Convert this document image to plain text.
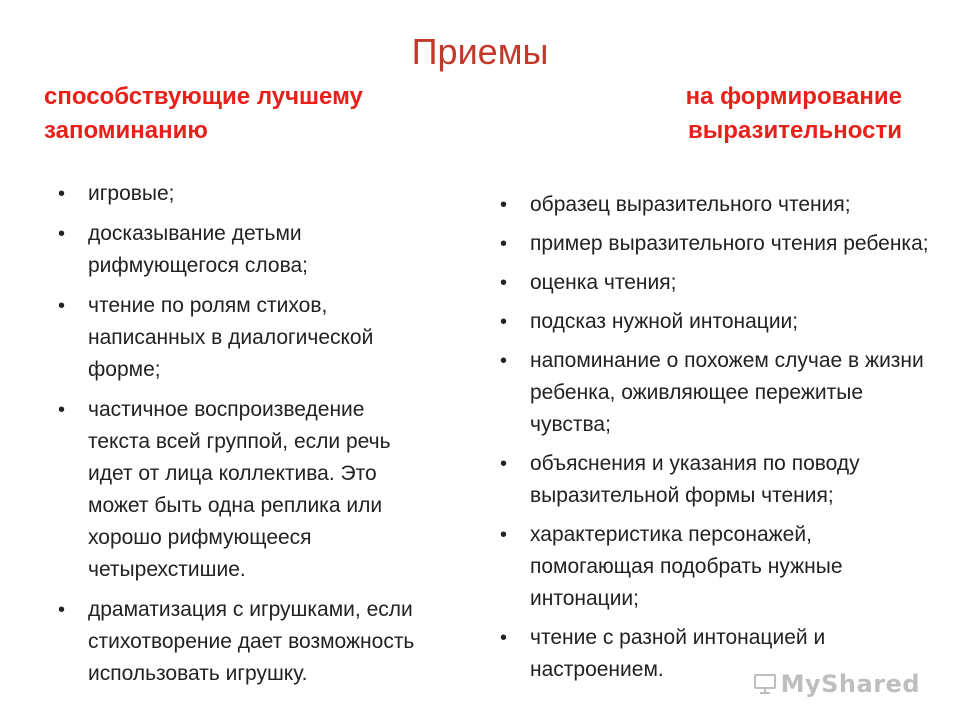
Приемы
способствующие лучшему запоминанию
на формирование выразительности
• игровые;
• досказывание детьми рифмующегося слова;
• чтение по ролям стихов, написанных в диалогической форме;
• частичное воспроизведение текста всей группой, если речь идет от лица коллектива. Это может быть одна реплика или хорошо рифмующееся четырехстишие.
• драматизация с игрушками, если стихотворение дает возможность использовать игрушку.
• образец выразительного чтения;
• пример выразительного чтения ребенка;
• оценка чтения;
• подсказ нужной интонации;
• напоминание о похожем случае в жизни ребенка, оживляющее пережитые чувства;
• объяснения и указания по поводу выразительной формы чтения;
• характеристика персонажей, помогающая подобрать нужные интонации;
• чтение с разной интонацией и настроением.
MyShared
